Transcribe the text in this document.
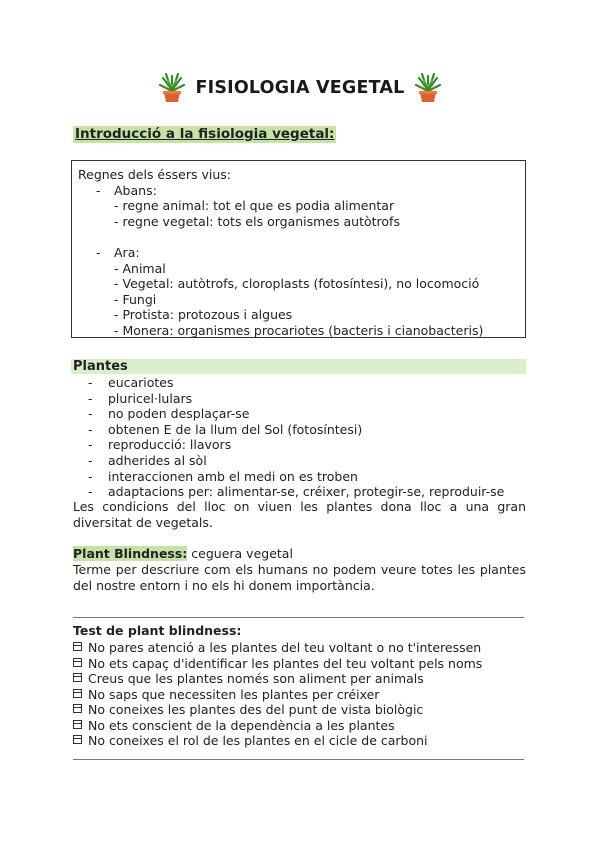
FISIOLOGIA VEGETAL
Introducció a la fisiologia vegetal:
Regnes dels éssers vius:
- Abans:
- regne animal: tot el que es podia alimentar
- regne vegetal: tots els organismes autòtrofs
- Ara:
- Animal
- Vegetal: autòtrofs, cloroplasts (fotosíntesi), no locomoció
- Fungi
- Protista: protozous i algues
- Monera: organismes procariotes (bacteris i cianobacteris)
Plantes
- eucariotes
- pluricel·lulars
- no poden desplaçar-se
- obtenen E de la llum del Sol (fotosíntesi)
- reproducció: llavors
- adherides al sòl
- interaccionen amb el medi on es troben
- adaptacions per: alimentar-se, créixer, protegir-se, reproduir-se
Les condicions del lloc on viuen les plantes dona lloc a una gran diversitat de vegetals.
Plant Blindness: ceguera vegetal
Terme per descriure com els humans no podem veure totes les plantes del nostre entorn i no els hi donem importància.
Test de plant blindness:
No pares atenció a les plantes del teu voltant o no t'interessen
No ets capaç d'identificar les plantes del teu voltant pels noms
Creus que les plantes només son aliment per animals
No saps que necessiten les plantes per créixer
No coneixes les plantes des del punt de vista biològic
No ets conscient de la dependència a les plantes
No coneixes el rol de les plantes en el cicle de carboni
